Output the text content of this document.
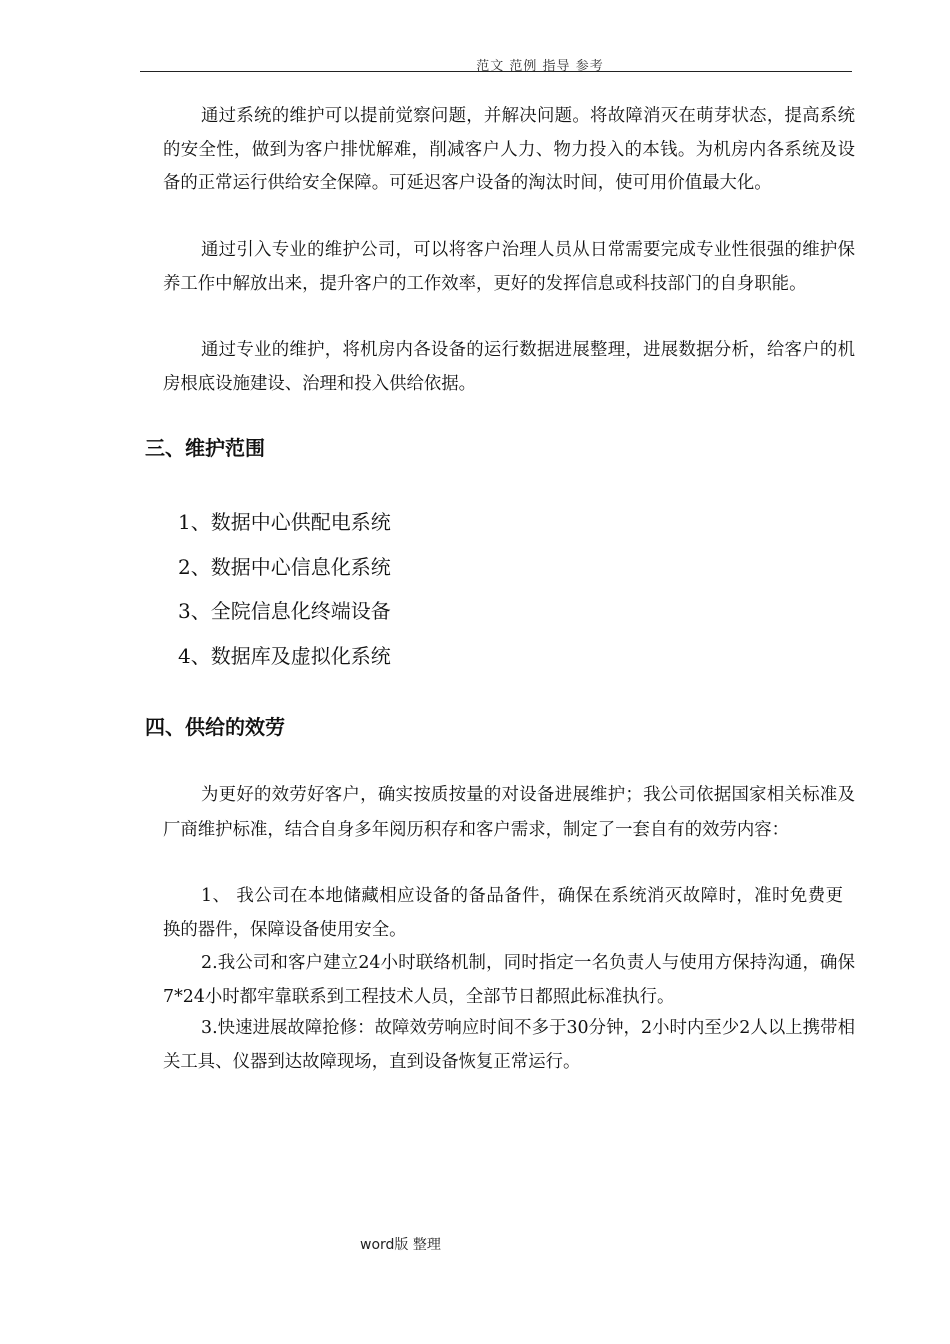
范文 范例 指导 参考

通过系统的维护可以提前觉察问题，并解决问题。将故障消灭在萌芽状态，提高系统的安全性，做到为客户排忧解难，削减客户人力、物力投入的本钱。为机房内各系统及设备的正常运行供给安全保障。可延迟客户设备的淘汰时间，使可用价值最大化。

通过引入专业的维护公司，可以将客户治理人员从日常需要完成专业性很强的维护保养工作中解放出来，提升客户的工作效率，更好的发挥信息或科技部门的自身职能。

通过专业的维护，将机房内各设备的运行数据进展整理，进展数据分析，给客户的机房根底设施建设、治理和投入供给依据。

三、维护范围
1、数据中心供配电系统
2、数据中心信息化系统
3、全院信息化终端设备
4、数据库及虚拟化系统
四、供给的效劳

为更好的效劳好客户，确实按质按量的对设备进展维护；我公司依据国家相关标准及厂商维护标准，结合自身多年阅历积存和客户需求，制定了一套自有的效劳内容：

1、 我公司在本地储藏相应设备的备品备件，确保在系统消灭故障时，准时免费更换的器件，保障设备使用安全。

2.我公司和客户建立24小时联络机制，同时指定一名负责人与使用方保持沟通，确保7*24小时都牢靠联系到工程技术人员，全部节日都照此标准执行。

3.快速进展故障抢修：故障效劳响应时间不多于30分钟，2小时内至少2人以上携带相关工具、仪器到达故障现场，直到设备恢复正常运行。

word版 整理
